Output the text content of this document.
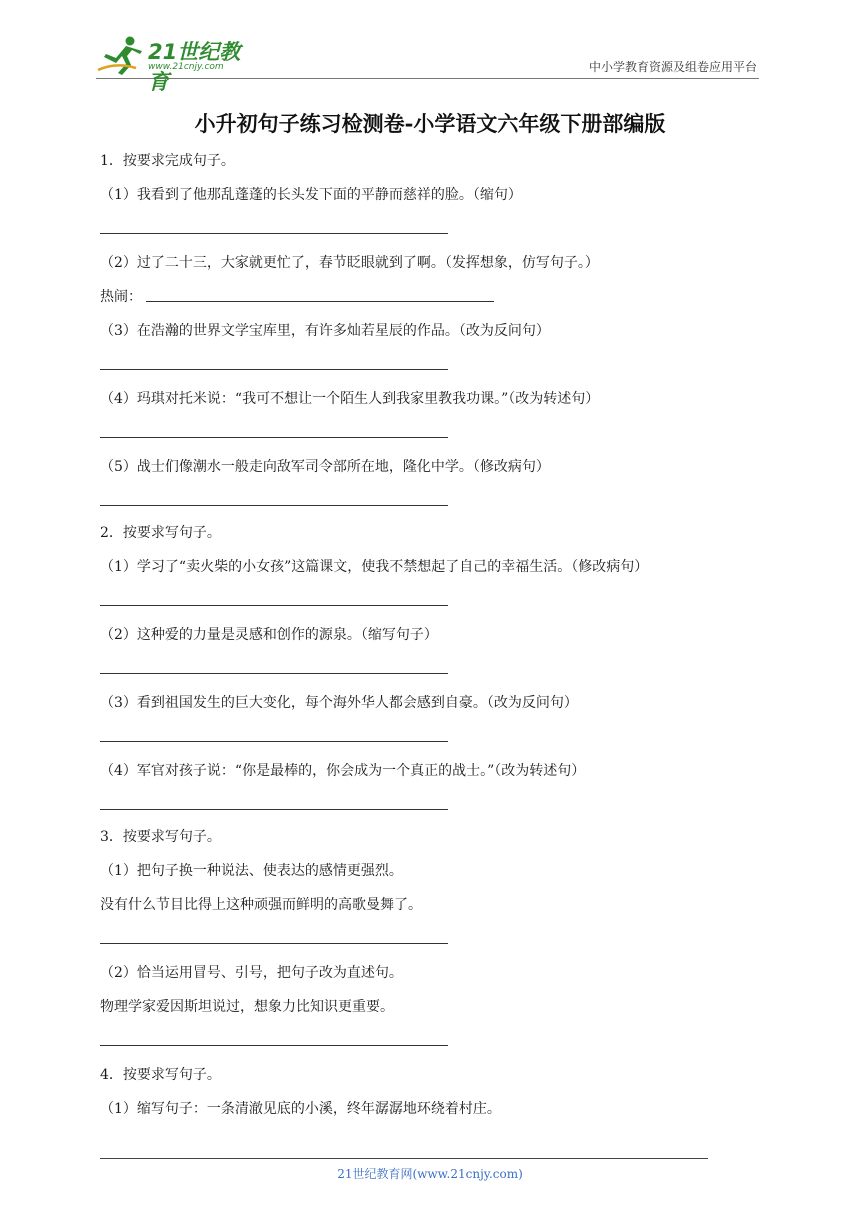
21世纪教育
www.21cnjy.com	中小学教育资源及组卷应用平台
小升初句子练习检测卷-小学语文六年级下册部编版
1．按要求完成句子。
（1）我看到了他那乱蓬蓬的长头发下面的平静而慈祥的脸。（缩句）
（2）过了二十三，大家就更忙了，春节眨眼就到了啊。（发挥想象，仿写句子。）
热闹：
（3）在浩瀚的世界文学宝库里，有许多灿若星辰的作品。（改为反问句）
（4）玛琪对托米说：“我可不想让一个陌生人到我家里教我功课。”（改为转述句）
（5）战士们像潮水一般走向敌军司令部所在地，隆化中学。（修改病句）
2．按要求写句子。
（1）学习了“卖火柴的小女孩”这篇课文，使我不禁想起了自己的幸福生活。（修改病句）
（2）这种爱的力量是灵感和创作的源泉。（缩写句子）
（3）看到祖国发生的巨大变化，每个海外华人都会感到自豪。（改为反问句）
（4）军官对孩子说：“你是最棒的，你会成为一个真正的战士。”（改为转述句）
3．按要求写句子。
（1）把句子换一种说法、使表达的感情更强烈。
没有什么节目比得上这种顽强而鲜明的高歌曼舞了。
（2）恰当运用冒号、引号，把句子改为直述句。
物理学家爱因斯坦说过，想象力比知识更重要。
4．按要求写句子。
（1）缩写句子：一条清澈见底的小溪，终年潺潺地环绕着村庄。
21世纪教育网(www.21cnjy.com)
